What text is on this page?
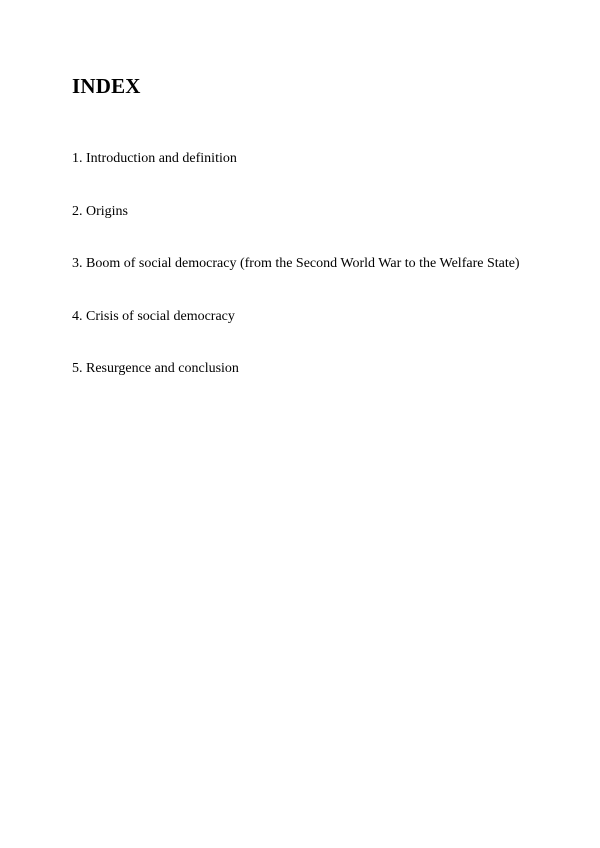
INDEX
1. Introduction and definition
2. Origins
3. Boom of social democracy (from the Second World War to the Welfare State)
4. Crisis of social democracy
5. Resurgence and conclusion
